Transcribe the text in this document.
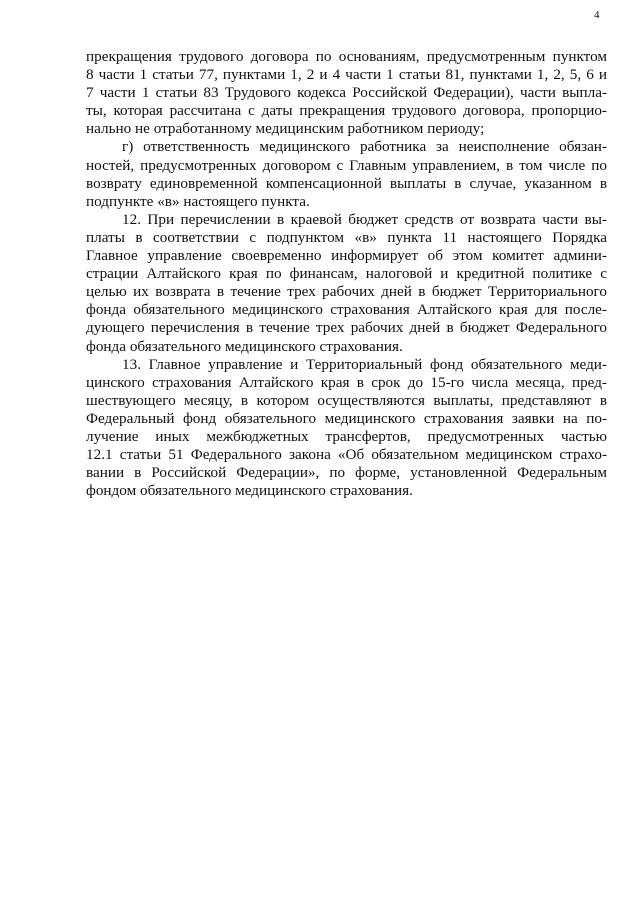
4
прекращения трудового договора по основаниям, предусмотренным пунктом
8 части 1 статьи 77, пунктами 1, 2 и 4 части 1 статьи 81, пунктами 1, 2, 5, 6 и
7 части 1 статьи 83 Трудового кодекса Российской Федерации), части выпла-
ты, которая рассчитана с даты прекращения трудового договора, пропорцио-
нально не отработанному медицинским работником периоду;
г) ответственность медицинского работника за неисполнение обязан-
ностей, предусмотренных договором с Главным управлением, в том числе по
возврату единовременной компенсационной выплаты в случае, указанном в
подпункте «в» настоящего пункта.
12. При перечислении в краевой бюджет средств от возврата части вы-
платы в соответствии с подпунктом «в» пункта 11 настоящего Порядка
Главное управление своевременно информирует об этом комитет админи-
страции Алтайского края по финансам, налоговой и кредитной политике с
целью их возврата в течение трех рабочих дней в бюджет Территориального
фонда обязательного медицинского страхования Алтайского края для после-
дующего перечисления в течение трех рабочих дней в бюджет Федерального
фонда обязательного медицинского страхования.
13. Главное управление и Территориальный фонд обязательного меди-
цинского страхования Алтайского края в срок до 15-го числа месяца, пред-
шествующего месяцу, в котором осуществляются выплаты, представляют в
Федеральный фонд обязательного медицинского страхования заявки на по-
лучение иных межбюджетных трансфертов, предусмотренных частью
12.1 статьи 51 Федерального закона «Об обязательном медицинском страхо-
вании в Российской Федерации», по форме, установленной Федеральным
фондом обязательного медицинского страхования.
